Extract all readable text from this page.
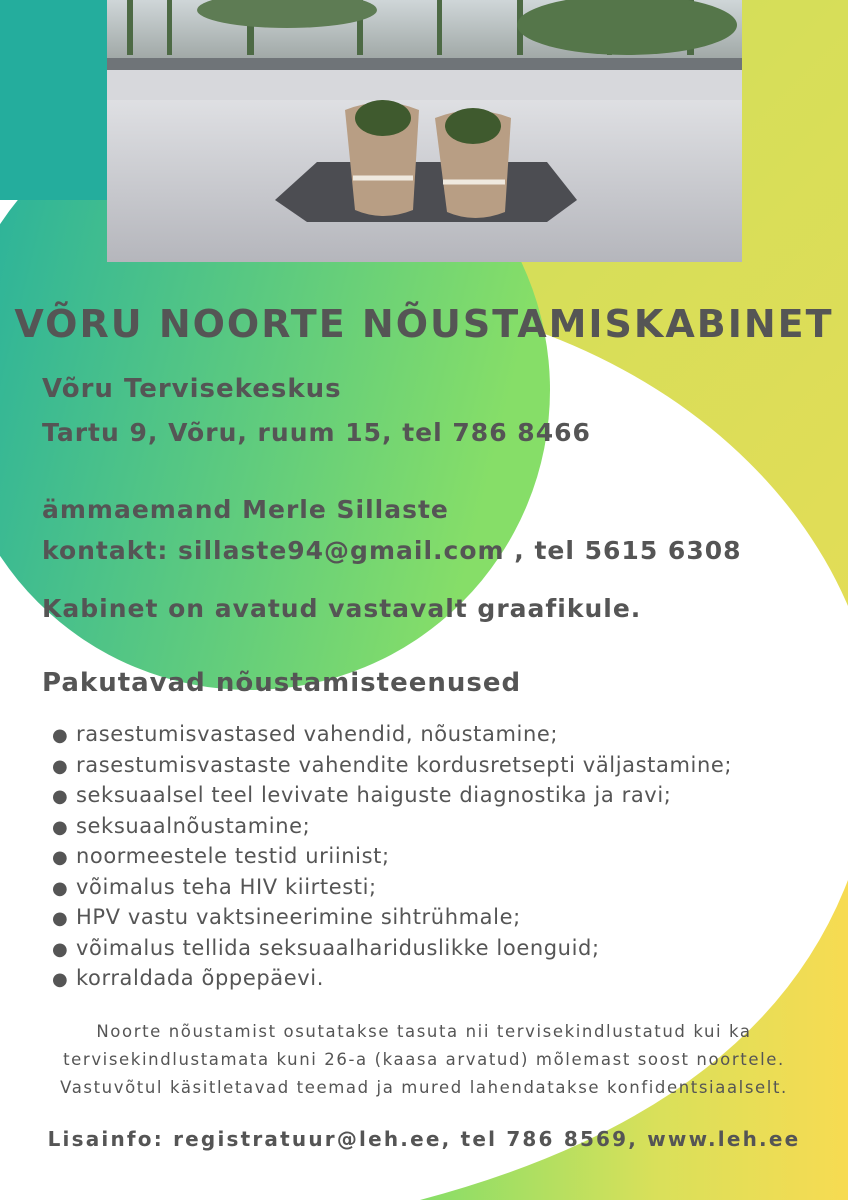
VÕRU NOORTE NÕUSTAMISKABINET
Võru Tervisekeskus
Tartu 9, Võru, ruum 15, tel 786 8466
ämmaemand Merle Sillaste
kontakt: sillaste94@gmail.com , tel 5615 6308
Kabinet on avatud vastavalt graafikule.
Pakutavad nõustamisteenused
● rasestumisvastased vahendid, nõustamine;
● rasestumisvastaste vahendite kordusretsepti väljastamine;
● seksuaalsel teel levivate haiguste diagnostika ja ravi;
● seksuaalnõustamine;
● noormeestele testid uriinist;
● võimalus teha HIV kiirtesti;
● HPV vastu vaktsineerimine sihtrühmale;
● võimalus tellida seksuaalhariduslikke loenguid;
● korraldada õppepäevi.
Noorte nõustamist osutatakse tasuta nii tervisekindlustatud kui ka
tervisekindlustamata kuni 26-a (kaasa arvatud) mõlemast soost noortele.
Vastuvõtul käsitletavad teemad ja mured lahendatakse konfidentsiaalselt.
Lisainfo: registratuur@leh.ee, tel 786 8569, www.leh.ee
